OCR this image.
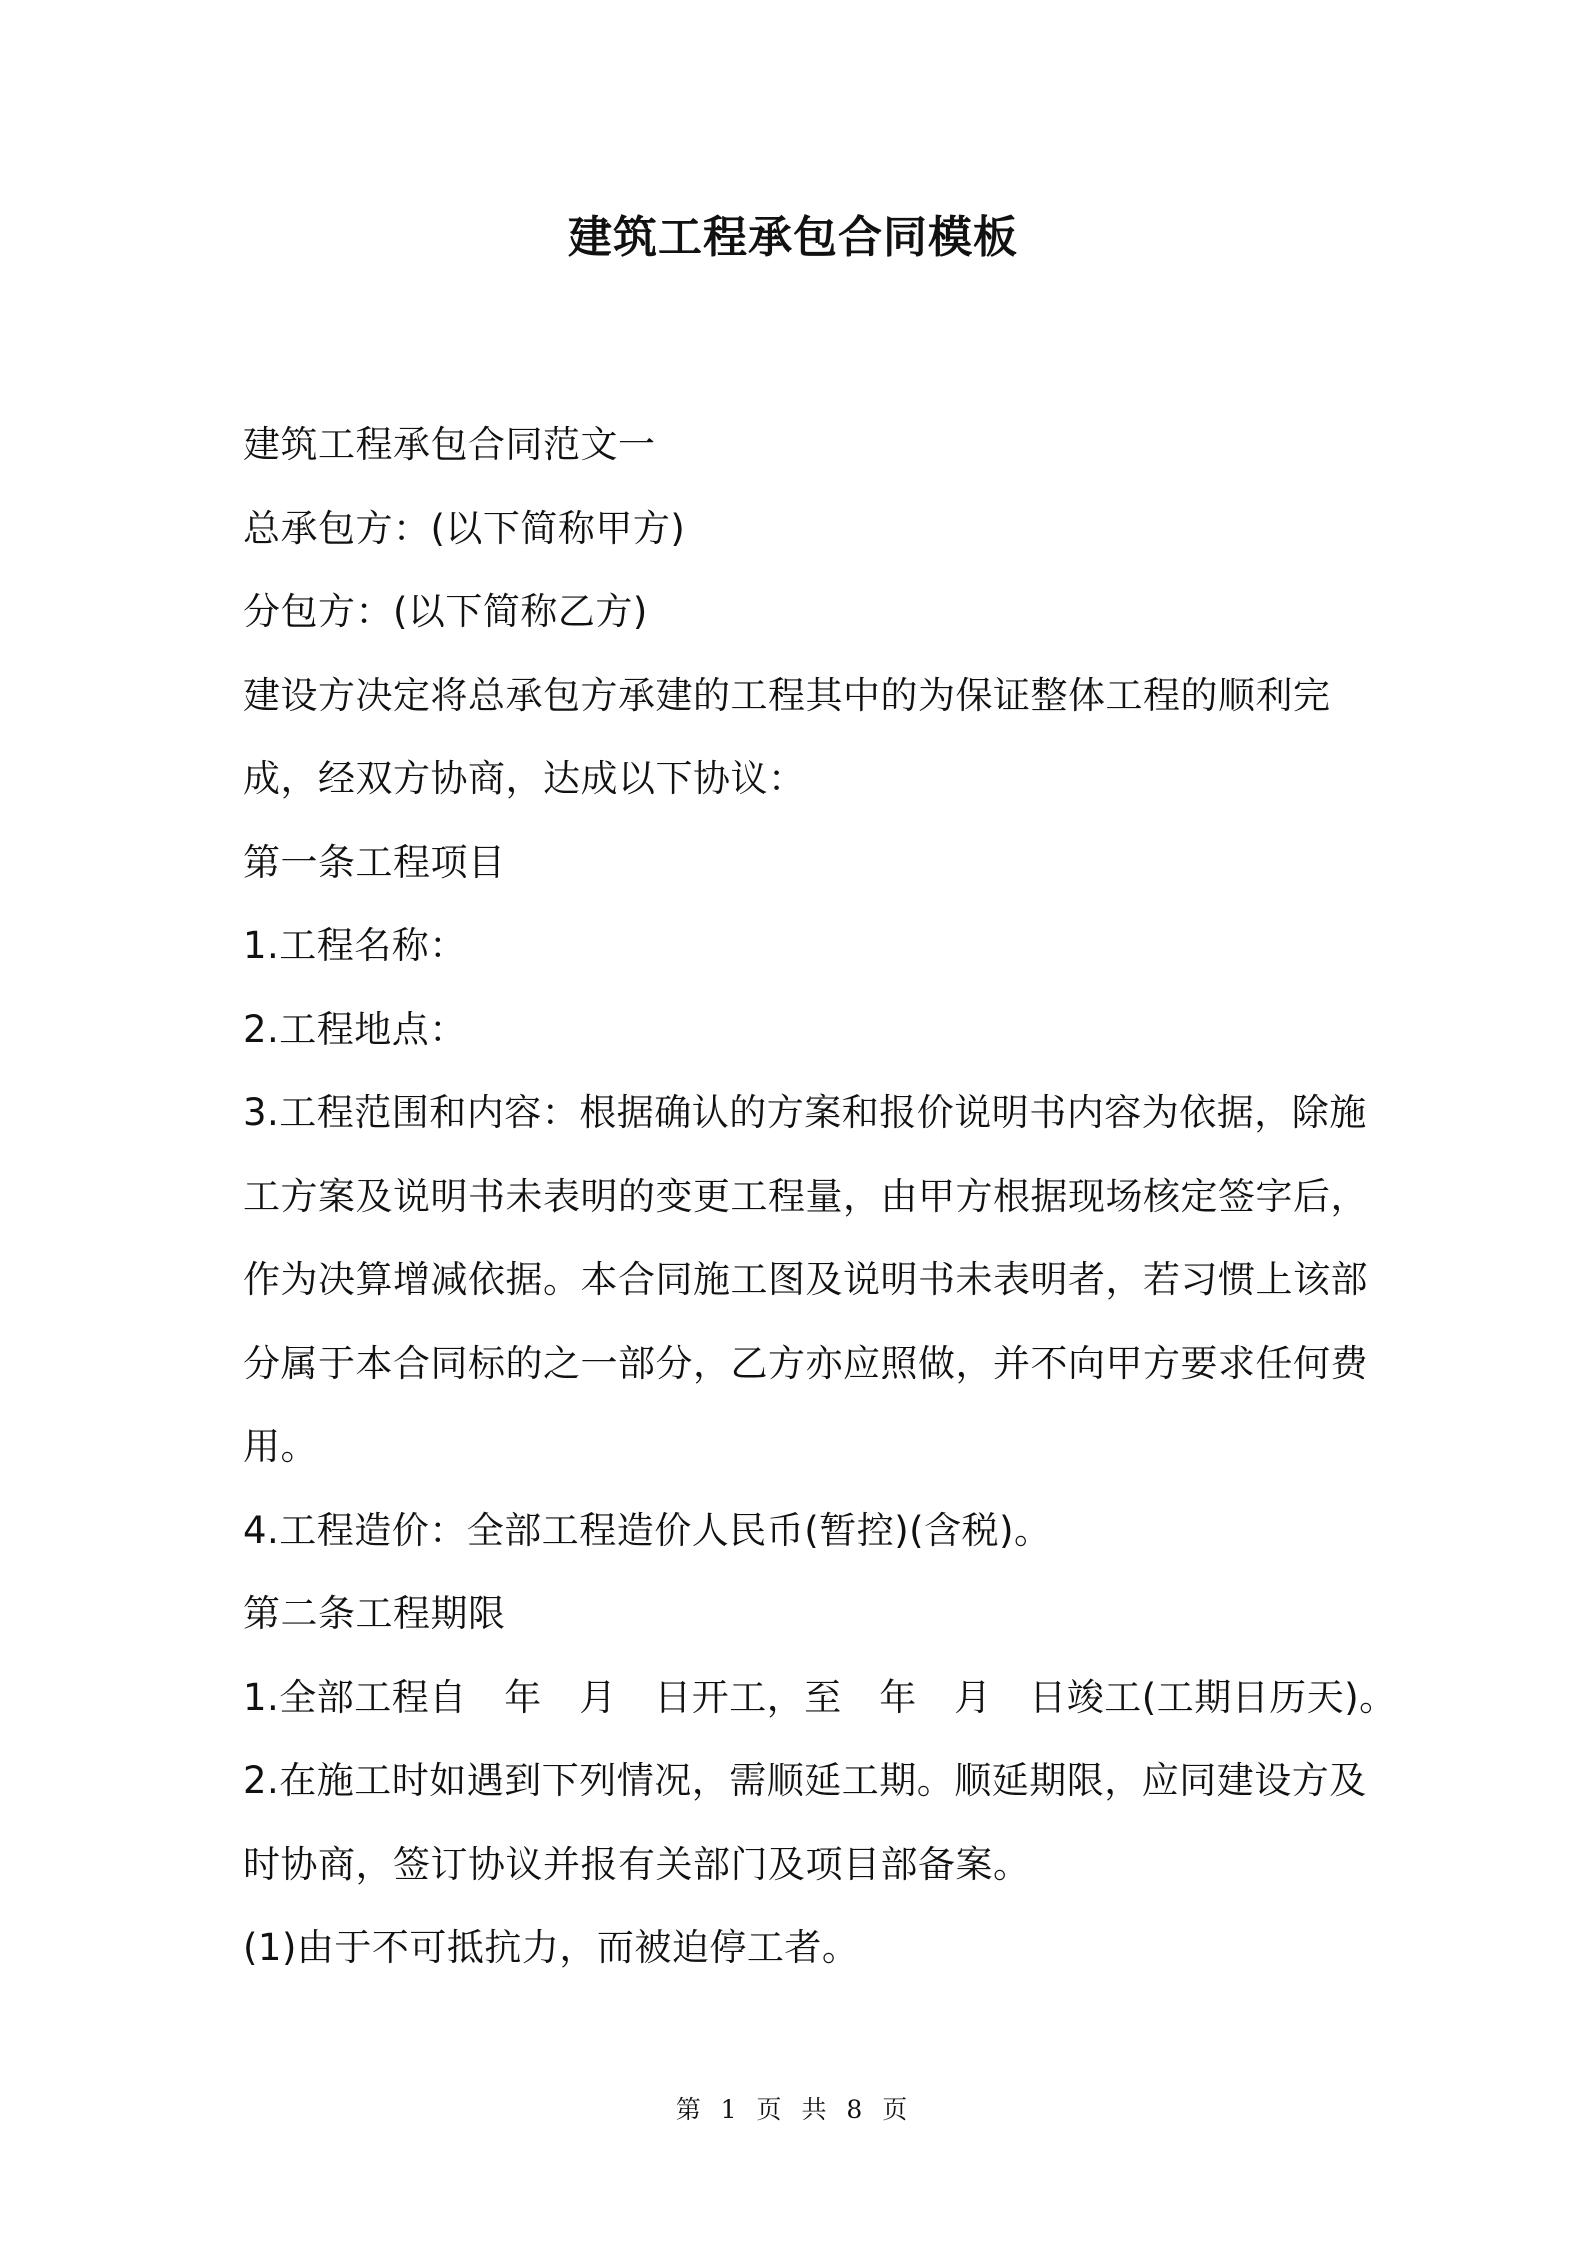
建筑工程承包合同模板
建筑工程承包合同范文一
总承包方：(以下简称甲方)
分包方：(以下简称乙方)
建设方决定将总承包方承建的工程其中的为保证整体工程的顺利完
成，经双方协商，达成以下协议：
第一条工程项目
1.工程名称：
2.工程地点：
3.工程范围和内容：根据确认的方案和报价说明书内容为依据，除施
工方案及说明书未表明的变更工程量，由甲方根据现场核定签字后，
作为决算增减依据。本合同施工图及说明书未表明者，若习惯上该部
分属于本合同标的之一部分，乙方亦应照做，并不向甲方要求任何费
用。
4.工程造价：全部工程造价人民币(暂控)(含税)。
第二条工程期限
1.全部工程自　年　月　日开工，至　年　月　日竣工(工期日历天)。
2.在施工时如遇到下列情况，需顺延工期。顺延期限，应同建设方及
时协商，签订协议并报有关部门及项目部备案。
(1)由于不可抵抗力，而被迫停工者。
第 1 页 共 8 页
